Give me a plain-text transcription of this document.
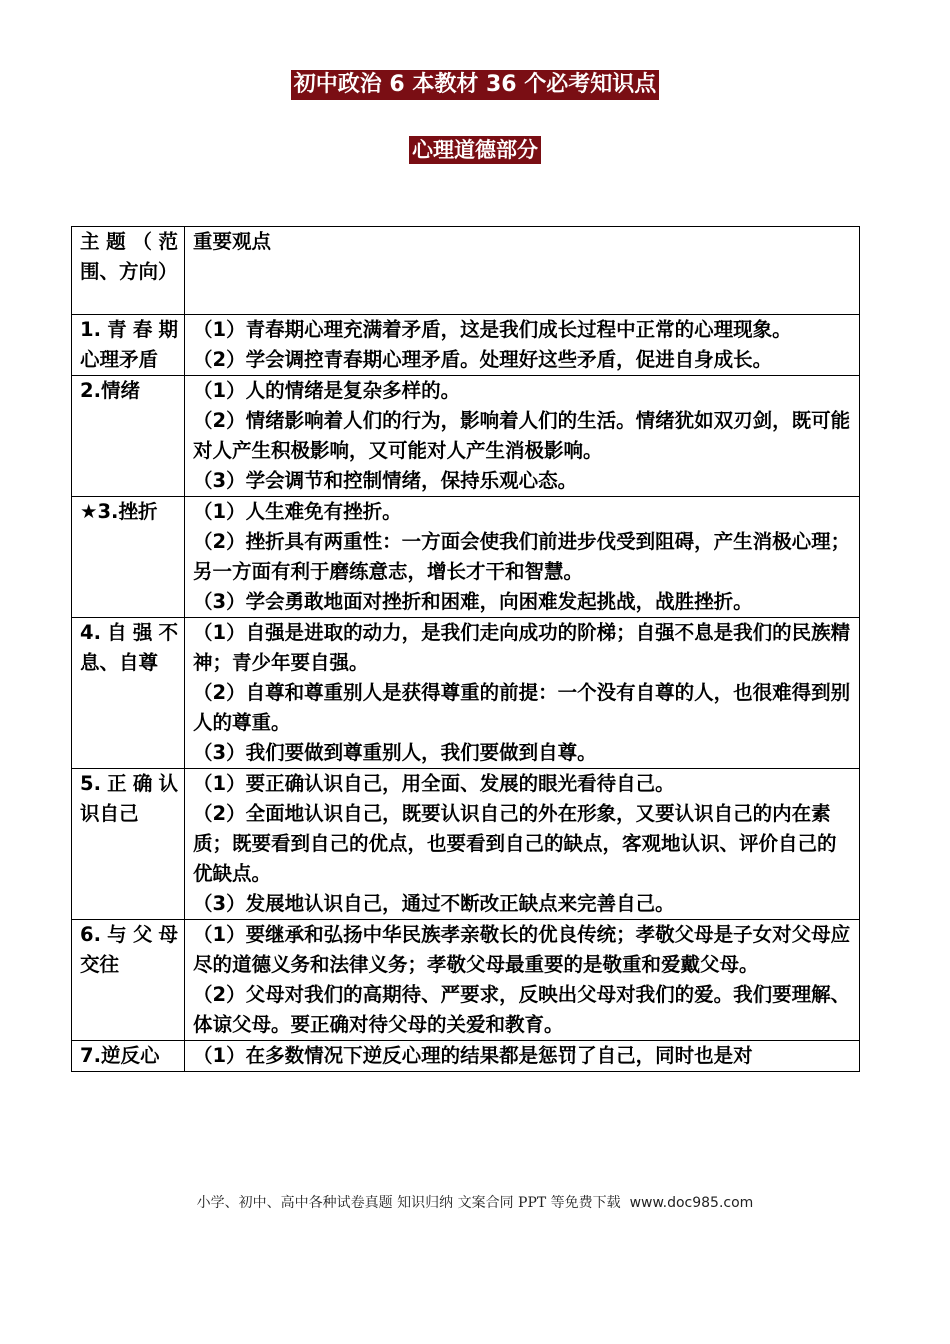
初中政治 6 本教材 36 个必考知识点
心理道德部分
主题（范围、方向）	重要观点
1.青春期心理矛盾	（1）青春期心理充满着矛盾，这是我们成长过程中正常的心理现象。
（2）学会调控青春期心理矛盾。处理好这些矛盾，促进自身成长。

2.情绪	（1）人的情绪是复杂多样的。
（2）情绪影响着人们的行为，影响着人们的生活。情绪犹如双刃剑，既可能对人产生积极影响，又可能对人产生消极影响。
（3）学会调节和控制情绪，保持乐观心态。

★3.挫折	（1）人生难免有挫折。
（2）挫折具有两重性：一方面会使我们前进步伐受到阻碍，产生消极心理；另一方面有利于磨练意志，增长才干和智慧。
（3）学会勇敢地面对挫折和困难，向困难发起挑战，战胜挫折。

4.自强不息、自尊	（1）自强是进取的动力，是我们走向成功的阶梯；自强不息是我们的民族精神；青少年要自强。
（2）自尊和尊重别人是获得尊重的前提：一个没有自尊的人，也很难得到别人的尊重。
（3）我们要做到尊重别人，我们要做到自尊。

5.正确认识自己	（1）要正确认识自己，用全面、发展的眼光看待自己。
（2）全面地认识自己，既要认识自己的外在形象，又要认识自己的内在素质；既要看到自己的优点，也要看到自己的缺点，客观地认识、评价自己的优缺点。
（3）发展地认识自己，通过不断改正缺点来完善自己。

6.与父母交往	（1）要继承和弘扬中华民族孝亲敬长的优良传统；孝敬父母是子女对父母应
尽的道德义务和法律义务；孝敬父母最重要的是敬重和爱戴父母。
（2）父母对我们的高期待、严要求，反映出父母对我们的爱。我们要理解、体谅父母。要正确对待父母的关爱和教育。

7.逆反心	（1）在多数情况下逆反心理的结果都是惩罚了自己，同时也是对
小学、初中、高中各种试卷真题 知识归纳 文案合同 PPT 等免费下载 www.doc985.com
